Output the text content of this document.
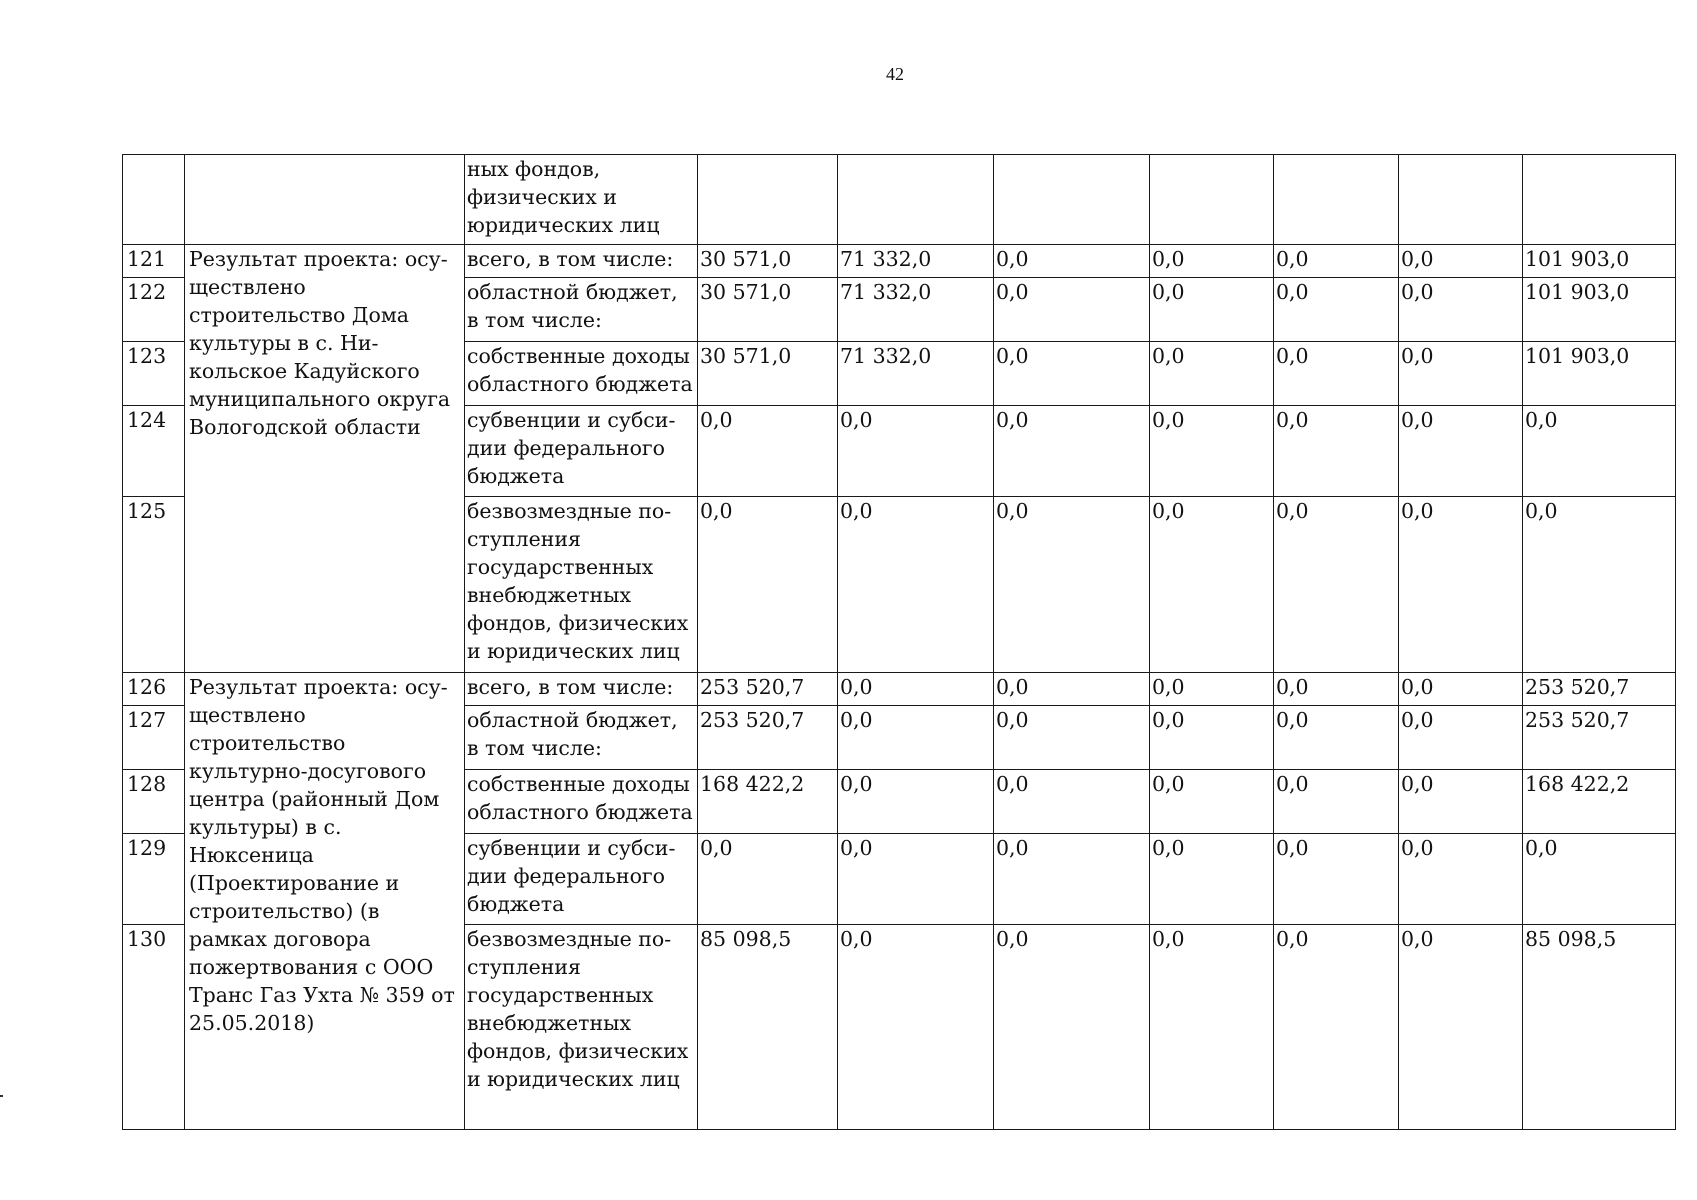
42
		ных фондов, физических и юридических лиц							
121	Результат проекта: осуществлено строительство Дома культуры в с. Никольское Кадуйского муниципального округа Вологодской области	всего, в том числе:	30 571,0	71 332,0	0,0	0,0	0,0	0,0	101 903,0
122		областной бюджет, в том числе:	30 571,0	71 332,0	0,0	0,0	0,0	0,0	101 903,0
123		собственные доходы областного бюджета	30 571,0	71 332,0	0,0	0,0	0,0	0,0	101 903,0
124		субвенции и субсидии федерального бюджета	0,0	0,0	0,0	0,0	0,0	0,0	0,0
125		безвозмездные поступления государственных внебюджетных фондов, физических и юридических лиц	0,0	0,0	0,0	0,0	0,0	0,0	0,0
126	Результат проекта: осуществлено строительство культурно-досугового центра (районный Дом культуры) в с. Нюксеница (Проектирование и строительство) (в рамках договора пожертвования с ООО Транс Газ Ухта № 359 от 25.05.2018)	всего, в том числе:	253 520,7	0,0	0,0	0,0	0,0	0,0	253 520,7
127		областной бюджет, в том числе:	253 520,7	0,0	0,0	0,0	0,0	0,0	253 520,7
128		собственные доходы областного бюджета	168 422,2	0,0	0,0	0,0	0,0	0,0	168 422,2
129		субвенции и субсидии федерального бюджета	0,0	0,0	0,0	0,0	0,0	0,0	0,0
130		безвозмездные поступления государственных внебюджетных фондов, физических и юридических лиц	85 098,5	0,0	0,0	0,0	0,0	0,0	85 098,5
